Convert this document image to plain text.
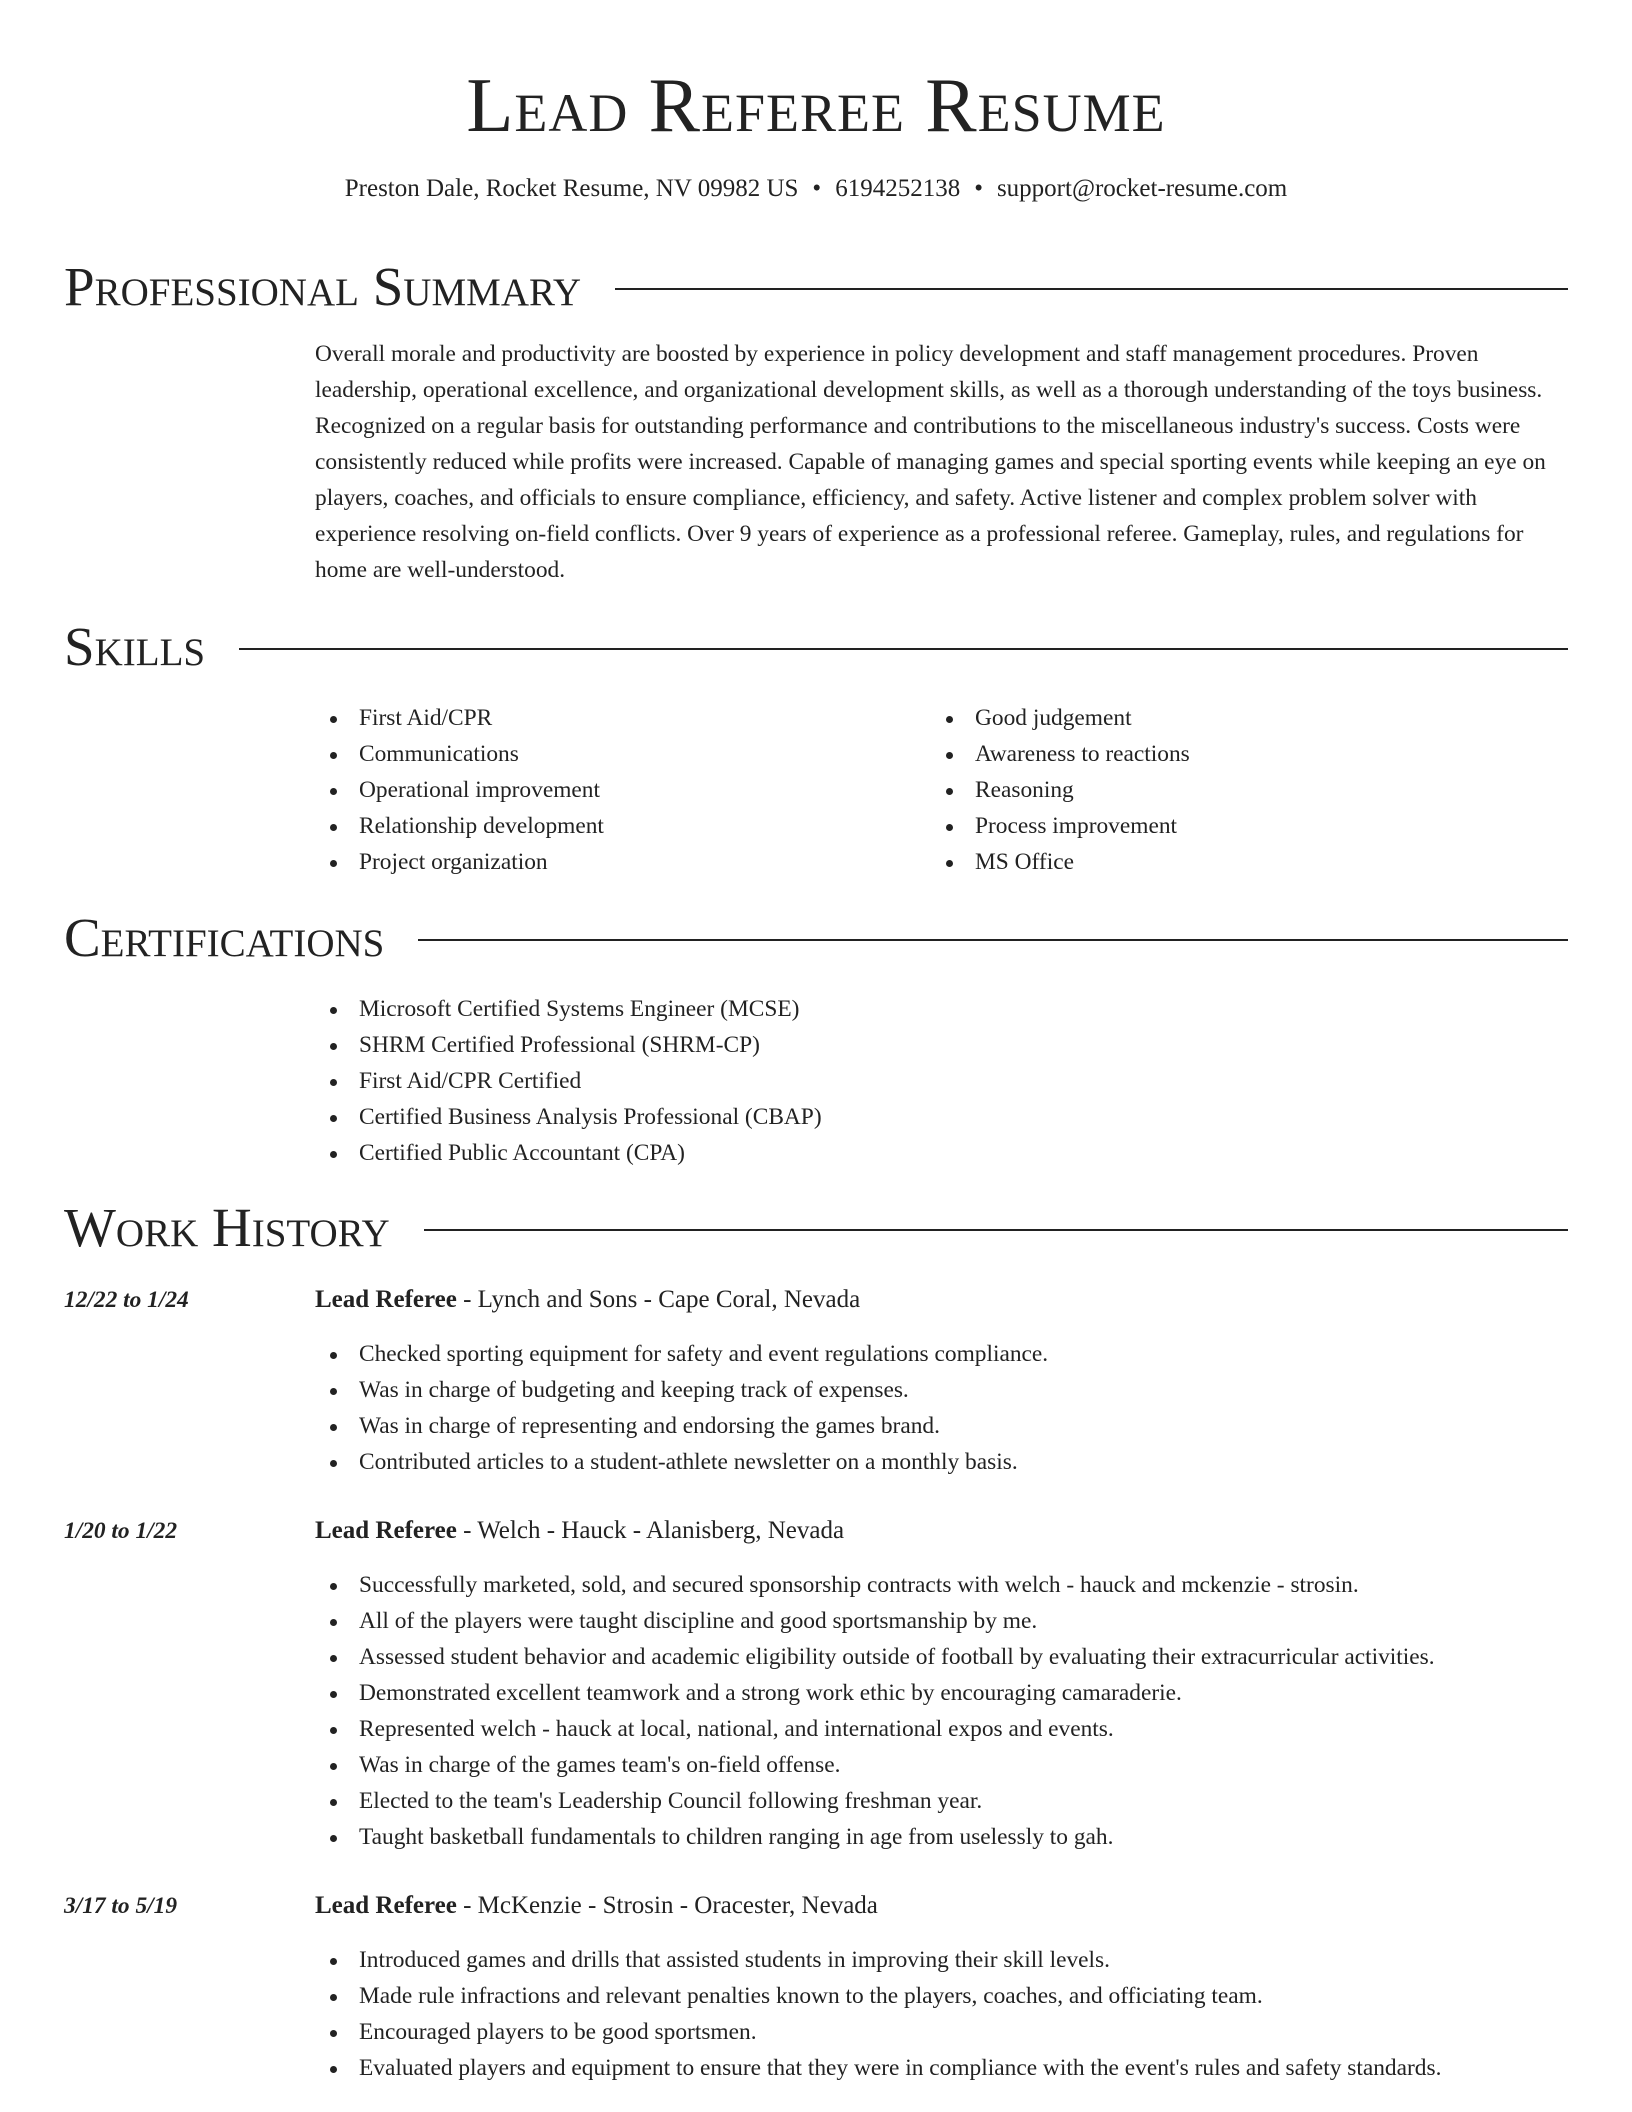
Lead Referee Resume
Preston Dale, Rocket Resume, NV 09982 US • 6194252138 • support@rocket-resume.com
Professional Summary

Overall morale and productivity are boosted by experience in policy development and staff management procedures. Proven leadership, operational excellence, and organizational development skills, as well as a thorough understanding of the toys business. Recognized on a regular basis for outstanding performance and contributions to the miscellaneous industry's success. Costs were consistently reduced while profits were increased. Capable of managing games and special sporting events while keeping an eye on players, coaches, and officials to ensure compliance, efficiency, and safety. Active listener and complex problem solver with experience resolving on-field conflicts. Over 9 years of experience as a professional referee. Gameplay, rules, and regulations for home are well-understood.

Skills
First Aid/CPR
Communications
Operational improvement
Relationship development
Project organization
Good judgement
Awareness to reactions
Reasoning
Process improvement
MS Office
Certifications
Microsoft Certified Systems Engineer (MCSE)
SHRM Certified Professional (SHRM-CP)
First Aid/CPR Certified
Certified Business Analysis Professional (CBAP)
Certified Public Accountant (CPA)
Work History
12/22 to 1/24	Lead Referee - Lynch and Sons - Cape Coral, Nevada
Checked sporting equipment for safety and event regulations compliance.
Was in charge of budgeting and keeping track of expenses.
Was in charge of representing and endorsing the games brand.
Contributed articles to a student-athlete newsletter on a monthly basis.
1/20 to 1/22	Lead Referee - Welch - Hauck - Alanisberg, Nevada
Successfully marketed, sold, and secured sponsorship contracts with welch - hauck and mckenzie - strosin.
All of the players were taught discipline and good sportsmanship by me.
Assessed student behavior and academic eligibility outside of football by evaluating their extracurricular activities.
Demonstrated excellent teamwork and a strong work ethic by encouraging camaraderie.
Represented welch - hauck at local, national, and international expos and events.
Was in charge of the games team's on-field offense.
Elected to the team's Leadership Council following freshman year.
Taught basketball fundamentals to children ranging in age from uselessly to gah.
3/17 to 5/19	Lead Referee - McKenzie - Strosin - Oracester, Nevada
Introduced games and drills that assisted students in improving their skill levels.
Made rule infractions and relevant penalties known to the players, coaches, and officiating team.
Encouraged players to be good sportsmen.
Evaluated players and equipment to ensure that they were in compliance with the event's rules and safety standards.
